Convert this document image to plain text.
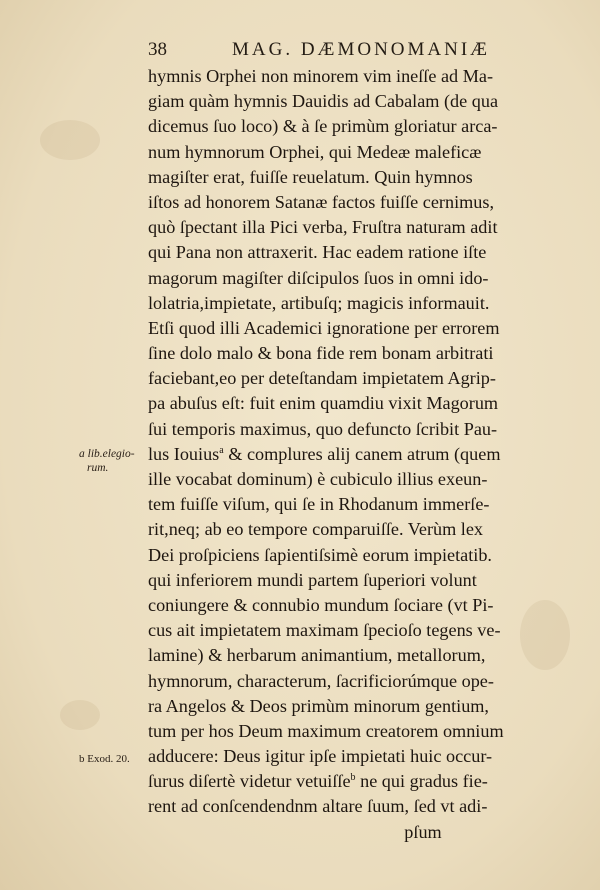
38	MAG. DÆMONOMANIÆ
a lib.elegio-
rum.
b Exod. 20.
hymnis Orphei non minorem vim ineſſe ad Ma-
giam quàm hymnis Dauidis ad Cabalam (de qua
dicemus ſuo loco) & à ſe primùm gloriatur arca-
num hymnorum Orphei, qui Medeæ maleficæ
magiſter erat, fuiſſe reuelatum. Quin hymnos
iſtos ad honorem Satanæ factos fuiſſe cernimus,
quò ſpectant illa Pici verba, Fruſtra naturam adit
qui Pana non attraxerit. Hac eadem ratione iſte
magorum magiſter diſcipulos ſuos in omni ido-
lolatria,impietate, artibuſq; magicis informauit.
Etſi quod illi Academici ignoratione per errorem
ſine dolo malo & bona fide rem bonam arbitrati
faciebant,eo per deteſtandam impietatem Agrip-
pa abuſus eſt: fuit enim quamdiu vixit Magorum
ſui temporis maximus, quo defuncto ſcribit Pau-
lus Iouius$^a$ & complures alij canem atrum (quem
ille vocabat dominum) è cubiculo illius exeun-
tem fuiſſe viſum, qui ſe in Rhodanum immerſe-
rit,neq; ab eo tempore comparuiſſe. Verùm lex
Dei proſpiciens ſapientiſsimè eorum impietatib.
qui inferiorem mundi partem ſuperiori volunt
coniungere & connubio mundum ſociare (vt Pi-
cus ait impietatem maximam ſpecioſo tegens ve-
lamine) & herbarum animantium, metallorum,
hymnorum, characterum, ſacrificiorúmque ope-
ra Angelos & Deos primùm minorum gentium,
tum per hos Deum maximum creatorem omnium
adducere: Deus igitur ipſe impietati huic occur-
ſurus diſertè videtur vetuiſſe$^b$ ne qui gradus fie-
rent ad conſcendendnm altare ſuum, ſed vt adi-
pſum
